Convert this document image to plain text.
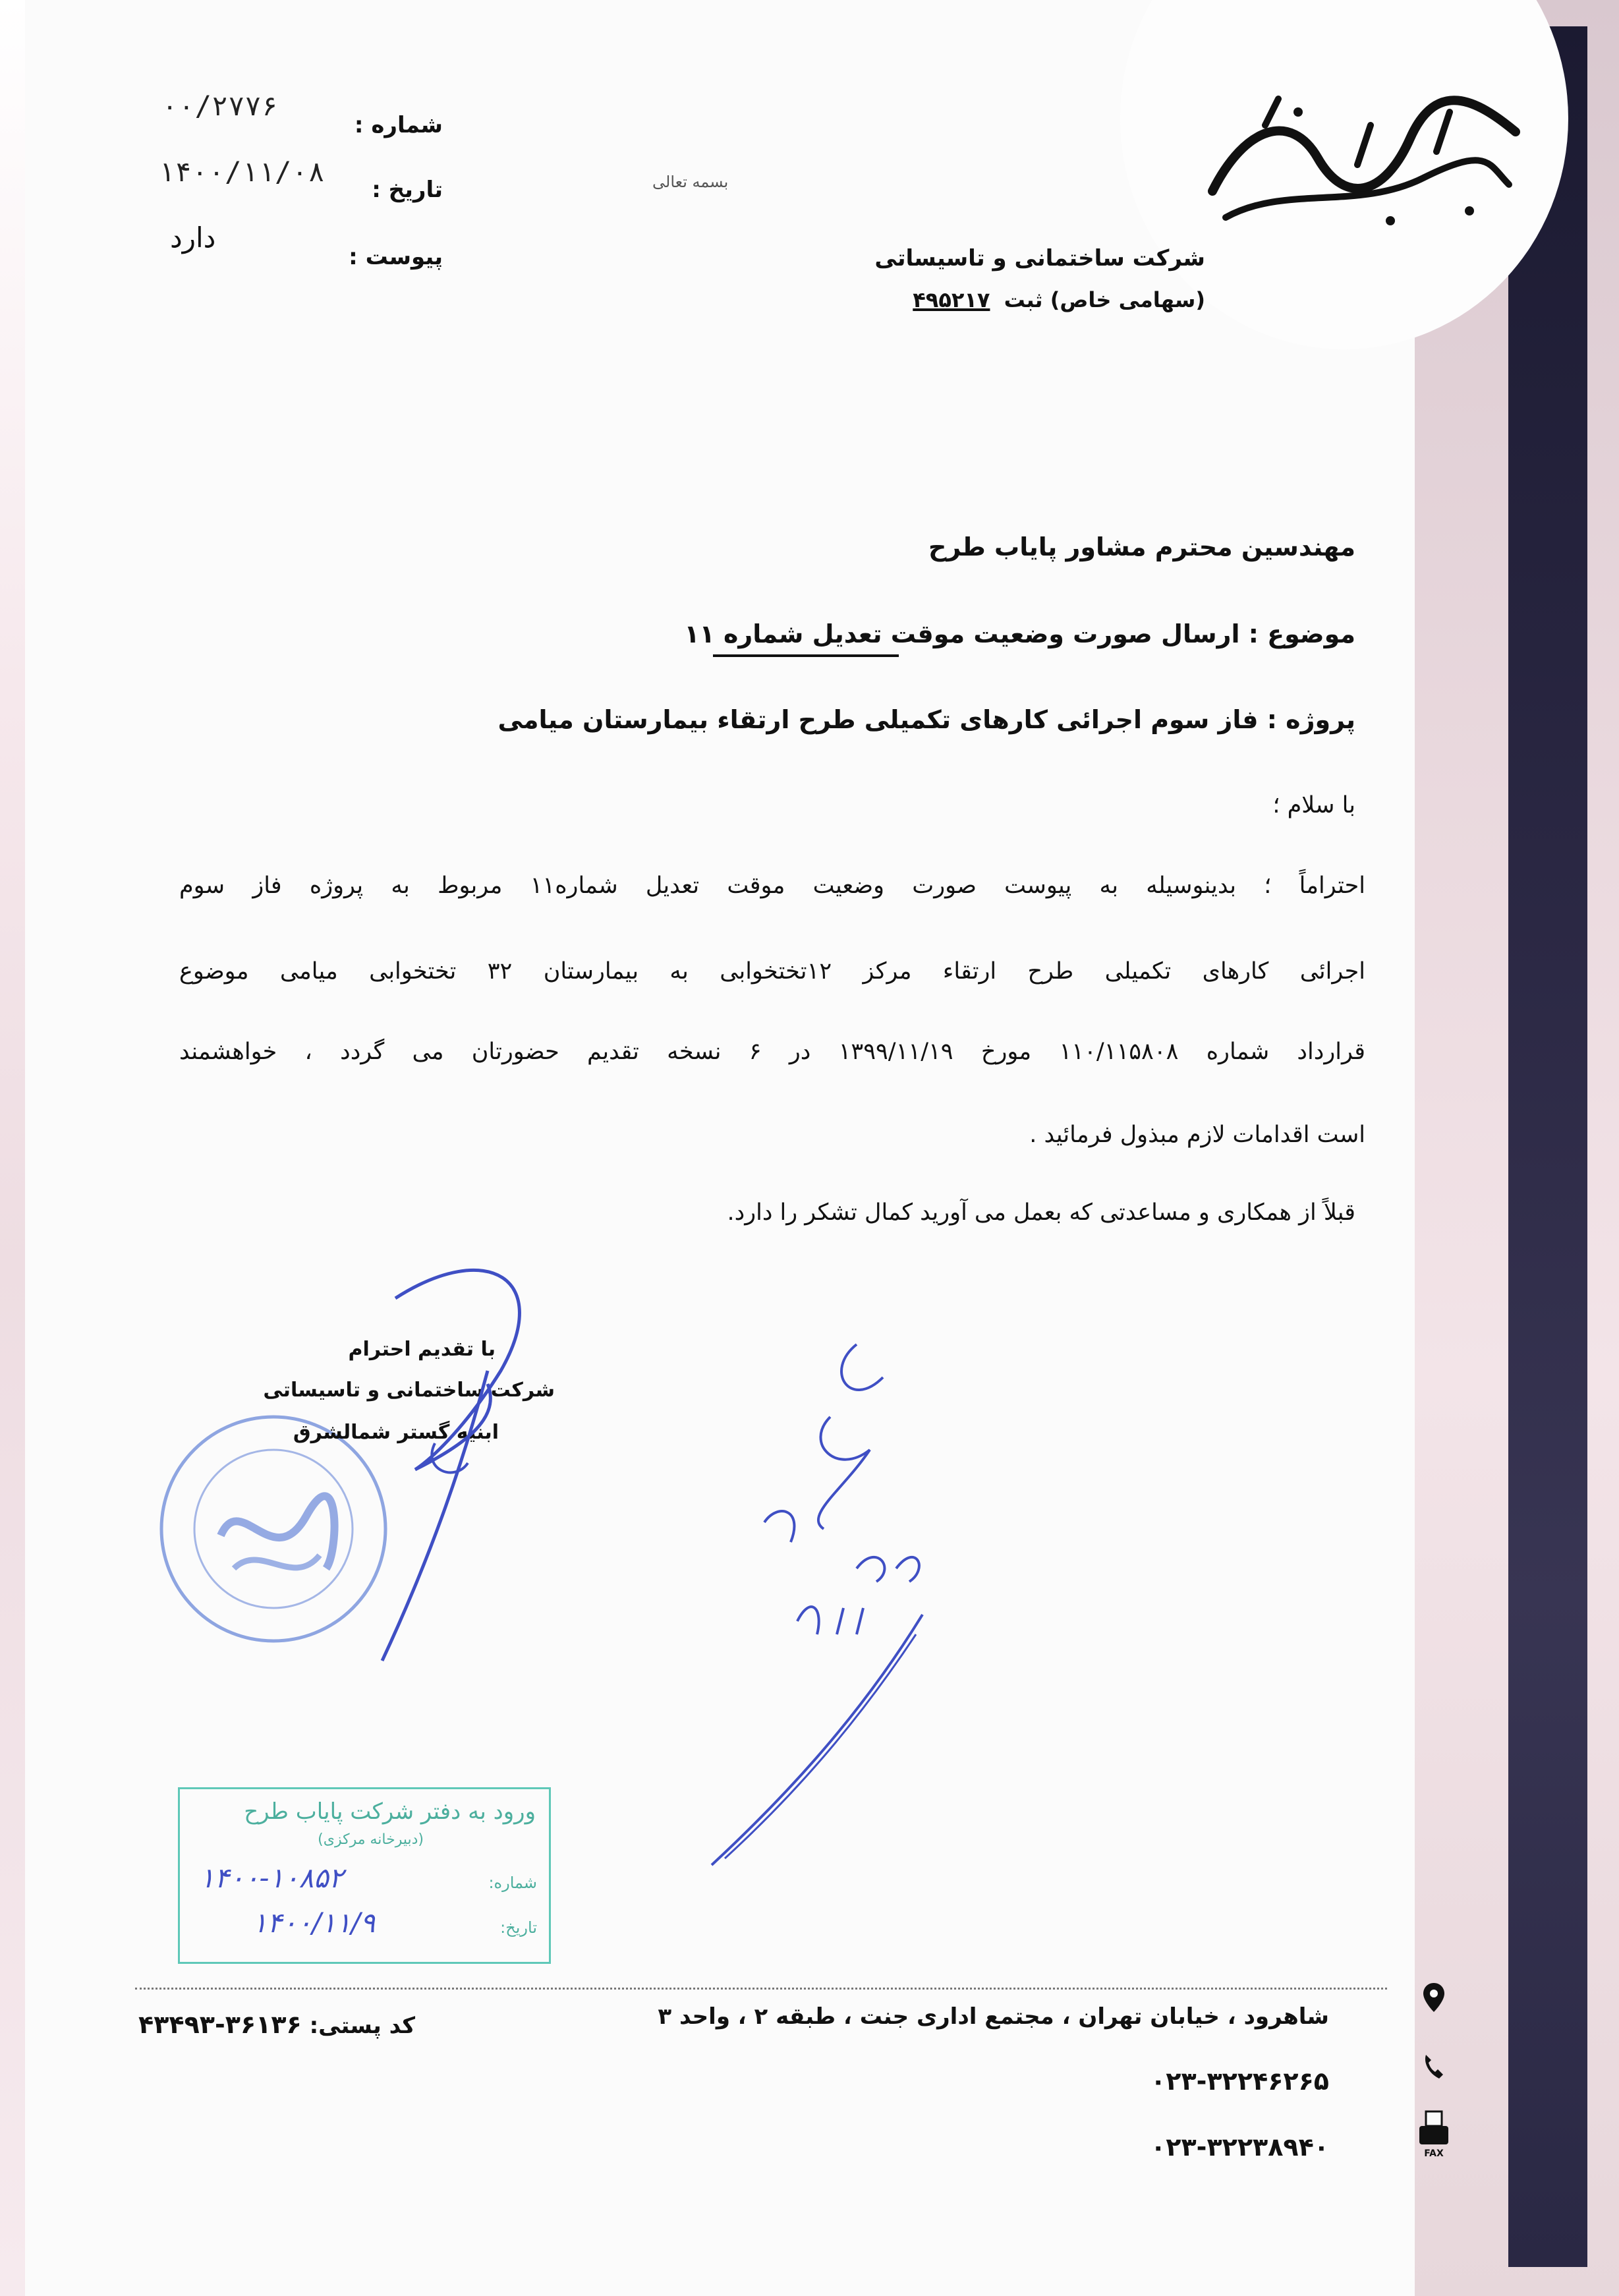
شرکت ساختمانی و تاسیساتی
(سهامی خاص) ثبت ۴۹۵۲۱۷
شماره :
۰۰/۲۷۷۶
تاریخ :
۱۴۰۰/۱۱/۰۸
پیوست :
دارد
بسمه تعالی
مهندسین محترم مشاور پایاب طرح
موضوع : ارسال صورت وضعیت موقت تعدیل شماره ۱۱
پروژه : فاز سوم اجرائی کارهای تکمیلی طرح ارتقاء بیمارستان میامی
با سلام ؛
احتراماً ؛ بدینوسیله به پیوست صورت وضعیت موقت تعدیل شماره۱۱ مربوط به پروژه فاز سوم
اجرائی کارهای تکمیلی طرح ارتقاء مرکز ۱۲تختخوابی به بیمارستان ۳۲ تختخوابی میامی موضوع
قرارداد شماره ۱۱۰/۱۱۵۸۰۸ مورخ ۱۳۹۹/۱۱/۱۹ در ۶ نسخه تقدیم حضورتان می گردد ، خواهشمند
است اقدامات لازم مبذول فرمائید .
قبلاً از همکاری و مساعدتی که بعمل می آورید کمال تشکر را دارد.
با تقدیم احترام
شرکت ساختمانی و تاسیساتی
ابنیه گستر شمالشرق
ورود به دفتر شرکت پایاب طرح
(دبیرخانه مرکزی)
شماره:
۱۴۰۰-۱۰۸۵۲
تاریخ:
۱۴۰۰/۱۱/۹
کد پستی: ۳۶۱۳۶-۴۳۴۹۳	شاهرود ، خیابان تهران ، مجتمع اداری جنت ، طبقه ۲ ، واحد ۳
۰۲۳-۳۲۲۴۶۲۶۵
۰۲۳-۳۲۲۳۸۹۴۰	FAX
